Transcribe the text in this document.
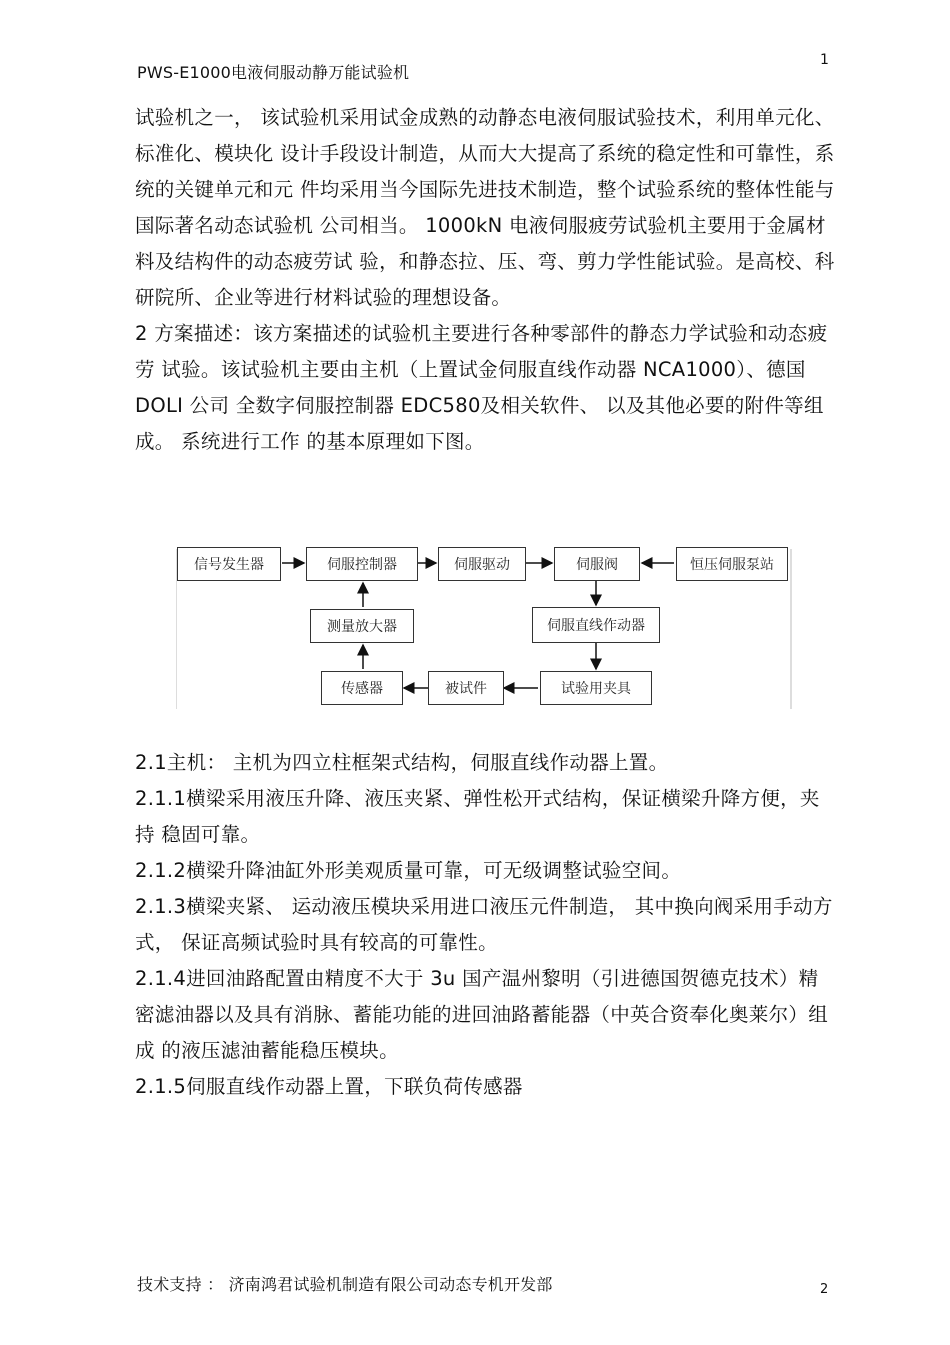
PWS-E1000电液伺服动静万能试验机
1

试验机之一， 该试验机采用试金成熟的动静态电液伺服试验技术，利用单元化、标准化、模块化 设计手段设计制造，从而大大提高了系统的稳定性和可靠性，系统的关键单元和元 件均采用当今国际先进技术制造，整个试验系统的整体性能与国际著名动态试验机 公司相当。 1000kN 电液伺服疲劳试验机主要用于金属材料及结构件的动态疲劳试 验，和静态拉、压、弯、剪力学性能试验。是高校、科研院所、企业等进行材料试验的理想设备。

2 方案描述：该方案描述的试验机主要进行各种零部件的静态力学试验和动态疲劳 试验。该试验机主要由主机（上置试金伺服直线作动器 NCA1000）、德国 DOLI 公司 全数字伺服控制器 EDC580及相关软件、 以及其他必要的附件等组成。 系统进行工作 的基本原理如下图。

信号发生器	伺服控制器	伺服驱动	伺服阀	恒压伺服泵站
测量放大器	伺服直线作动器
传感器	被试件	试验用夹具

2.1主机： 主机为四立柱框架式结构，伺服直线作动器上置。

2.1.1横梁采用液压升降、液压夹紧、弹性松开式结构，保证横梁升降方便，夹持 稳固可靠。

2.1.2横梁升降油缸外形美观质量可靠，可无级调整试验空间。

2.1.3横梁夹紧、 运动液压模块采用进口液压元件制造， 其中换向阀采用手动方式， 保证高频试验时具有较高的可靠性。

2.1.4进回油路配置由精度不大于 3u 国产温州黎明（引进德国贺德克技术）精 密滤油器以及具有消脉、蓄能功能的进回油路蓄能器（中英合资奉化奥莱尔）组成 的液压滤油蓄能稳压模块。

2.1.5伺服直线作动器上置，下联负荷传感器

技术支持 ： 济南鸿君试验机制造有限公司动态专机开发部	2
